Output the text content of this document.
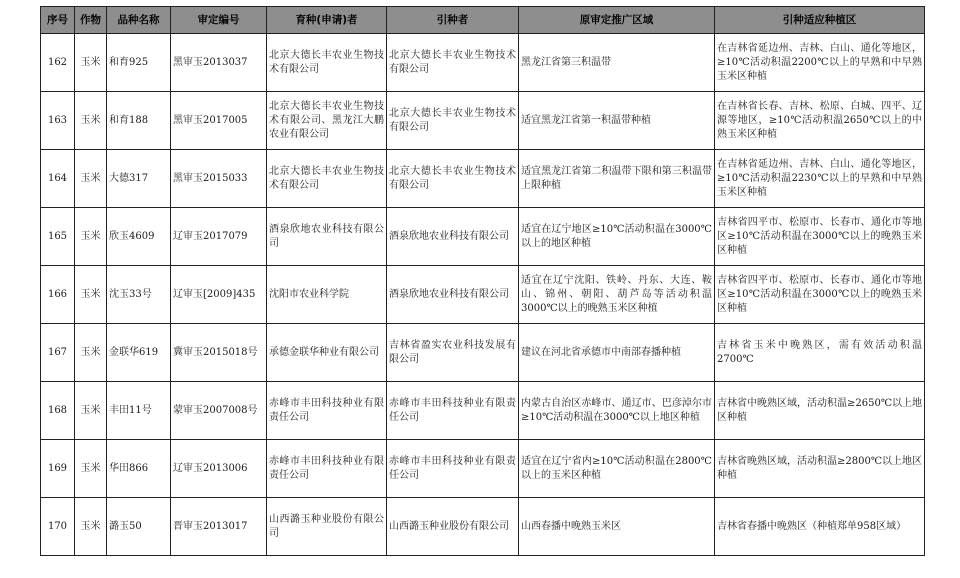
序号	作物	品种名称	审定编号	育种(申请)者	引种者	原审定推广区域	引种适应种植区
162	玉米	和育925	黑审玉2013037	北京大德长丰农业生物技术有限公司	北京大德长丰农业生物技术有限公司	黑龙江省第三积温带	在吉林省延边州、吉林、白山、通化等地区，≥10℃活动积温2200℃以上的早熟和中早熟玉米区种植
163	玉米	和育188	黑审玉2017005	北京大德长丰农业生物技术有限公司、黑龙江大鹏农业有限公司	北京大德长丰农业生物技术有限公司	适宜黑龙江省第一积温带种植	在吉林省长春、吉林、松原、白城、四平、辽源等地区，≥10℃活动积温2650℃以上的中熟玉米区种植
164	玉米	大德317	黑审玉2015033	北京大德长丰农业生物技术有限公司	北京大德长丰农业生物技术有限公司	适宜黑龙江省第二积温带下限和第三积温带上限种植	在吉林省延边州、吉林、白山、通化等地区，≥10℃活动积温2230℃以上的早熟和中早熟玉米区种植
165	玉米	欣玉4609	辽审玉2017079	酒泉欣地农业科技有限公司	酒泉欣地农业科技有限公司	适宜在辽宁地区≥10℃活动积温在3000℃以上的地区种植	吉林省四平市、松原市、长春市、通化市等地区≥10℃活动积温在3000℃以上的晚熟玉米区种植
166	玉米	沈玉33号	辽审玉[2009]435	沈阳市农业科学院	酒泉欣地农业科技有限公司	适宜在辽宁沈阳、铁岭、丹东、大连、鞍山、锦州、朝阳、葫芦岛等活动积温3000℃以上的晚熟玉米区种植	吉林省四平市、松原市、长春市、通化市等地区≥10℃活动积温在3000℃以上的晚熟玉米区种植
167	玉米	金联华619	冀审玉2015018号	承德金联华种业有限公司	吉林省盈实农业科技发展有限公司	建议在河北省承德市中南部春播种植	吉林省玉米中晚熟区，需有效活动积温2700℃
168	玉米	丰田11号	蒙审玉2007008号	赤峰市丰田科技种业有限责任公司	赤峰市丰田科技种业有限责任公司	内蒙古自治区赤峰市、通辽市、巴彦淖尔市≥10℃活动积温在3000℃以上地区种植	吉林省中晚熟区域，活动积温≥2650℃以上地区种植
169	玉米	华田866	辽审玉2013006	赤峰市丰田科技种业有限责任公司	赤峰市丰田科技种业有限责任公司	适宜在辽宁省内≥10℃活动积温在2800℃以上的玉米区种植	吉林省晚熟区域，活动积温≥2800℃以上地区种植
170	玉米	潞玉50	晋审玉2013017	山西潞玉种业股份有限公司	山西潞玉种业股份有限公司	山西春播中晚熟玉米区	吉林省春播中晚熟区（种植郑单958区域）
